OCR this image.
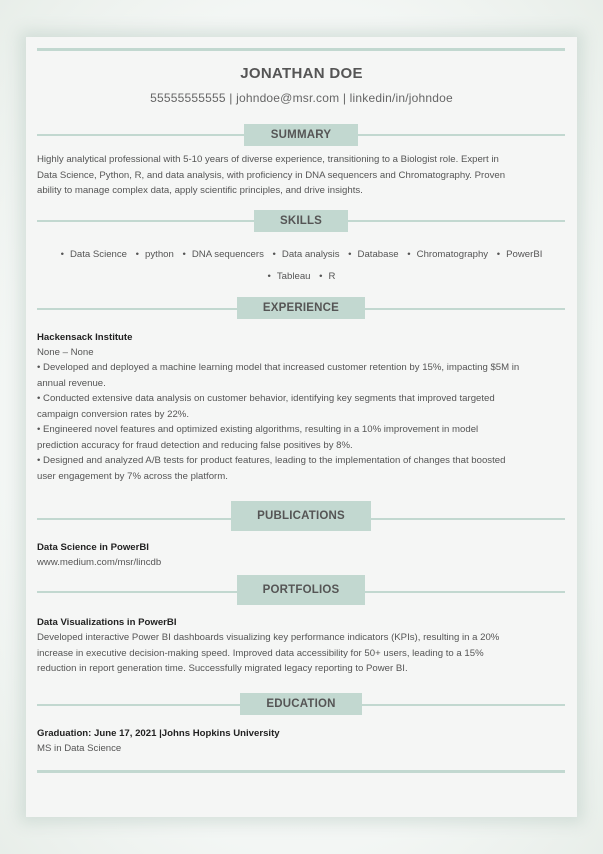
JONATHAN DOE
55555555555 | johndoe@msr.com | linkedin/in/johndoe
SUMMARY
Highly analytical professional with 5-10 years of diverse experience, transitioning to a Biologist role. Expert in
Data Science, Python, R, and data analysis, with proficiency in DNA sequencers and Chromatography. Proven
ability to manage complex data, apply scientific principles, and drive insights.
SKILLS
• Data Science • python • DNA sequencers • Data analysis • Database • Chromatography • PowerBI
• Tableau • R
EXPERIENCE
Hackensack Institute
None – None
• Developed and deployed a machine learning model that increased customer retention by 15%, impacting $5M in
annual revenue.
• Conducted extensive data analysis on customer behavior, identifying key segments that improved targeted
campaign conversion rates by 22%.
• Engineered novel features and optimized existing algorithms, resulting in a 10% improvement in model
prediction accuracy for fraud detection and reducing false positives by 8%.
• Designed and analyzed A/B tests for product features, leading to the implementation of changes that boosted
user engagement by 7% across the platform.
PUBLICATIONS
Data Science in PowerBI
www.medium.com/msr/lincdb
PORTFOLIOS
Data Visualizations in PowerBI
Developed interactive Power BI dashboards visualizing key performance indicators (KPIs), resulting in a 20%
increase in executive decision-making speed. Improved data accessibility for 50+ users, leading to a 15%
reduction in report generation time. Successfully migrated legacy reporting to Power BI.
EDUCATION
Graduation: June 17, 2021 |Johns Hopkins University
MS in Data Science
